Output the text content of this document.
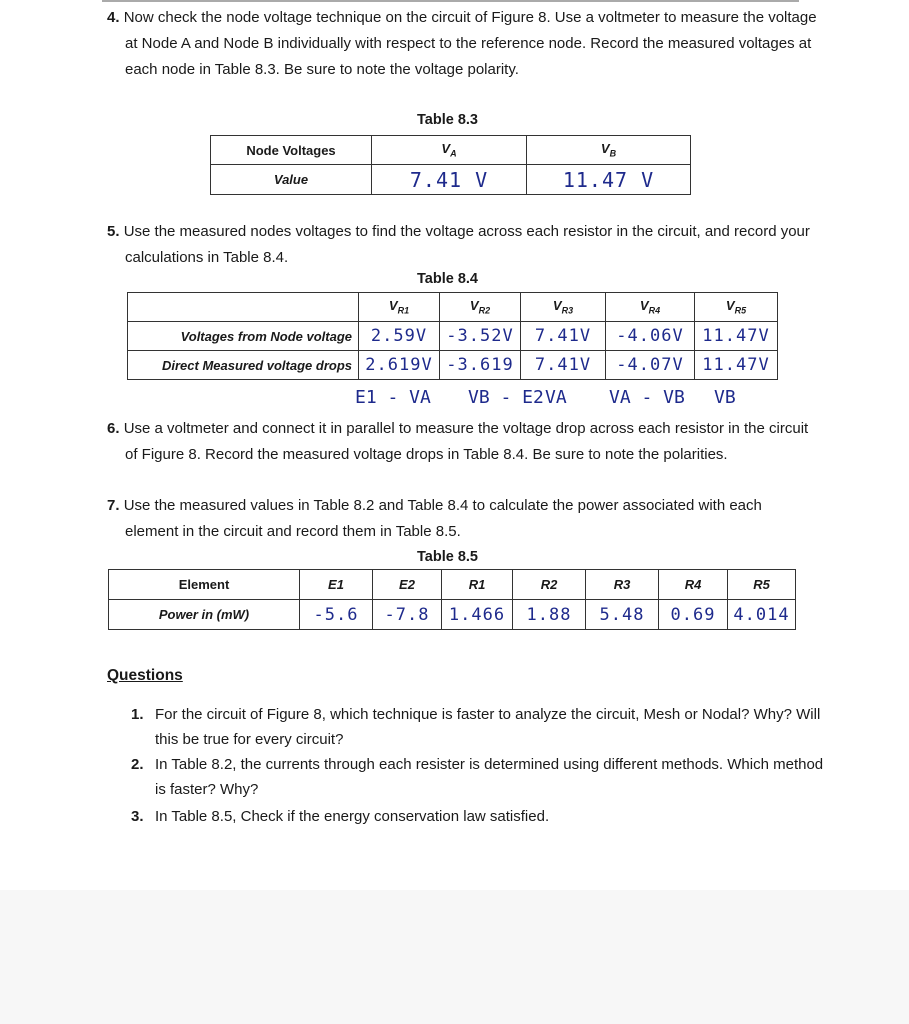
4. Now check the node voltage technique on the circuit of Figure 8. Use a voltmeter to measure the voltage at Node A and Node B individually with respect to the reference node. Record the measured voltages at each node in Table 8.3. Be sure to note the voltage polarity.
Table 8.3
Node Voltages	$V_A$	$V_B$
Value	7.41 V	11.47 V
5. Use the measured nodes voltages to find the voltage across each resistor in the circuit, and record your calculations in Table 8.4.
Table 8.4
	$V_{R1}$	$V_{R2}$	$V_{R3}$	$V_{R4}$	$V_{R5}$
Voltages from Node voltage	2.59V	-3.52V	7.41V	-4.06V	11.47V
Direct Measured voltage drops	2.619V	-3.619	7.41V	-4.07V	11.47V
E1 - VA VB - E2 VA VA - VB VB
6. Use a voltmeter and connect it in parallel to measure the voltage drop across each resistor in the circuit of Figure 8. Record the measured voltage drops in Table 8.4. Be sure to note the polarities.
7. Use the measured values in Table 8.2 and Table 8.4 to calculate the power associated with each element in the circuit and record them in Table 8.5.
Table 8.5
Element	E1	E2	R1	R2	R3	R4	R5
Power in (mW)	-5.6	-7.8	1.466	1.88	5.48	0.69	4.014
Questions
1. For the circuit of Figure 8, which technique is faster to analyze the circuit, Mesh or Nodal? Why? Will this be true for every circuit?
2. In Table 8.2, the currents through each resister is determined using different methods. Which method is faster? Why?
3. In Table 8.5, Check if the energy conservation law satisfied.
